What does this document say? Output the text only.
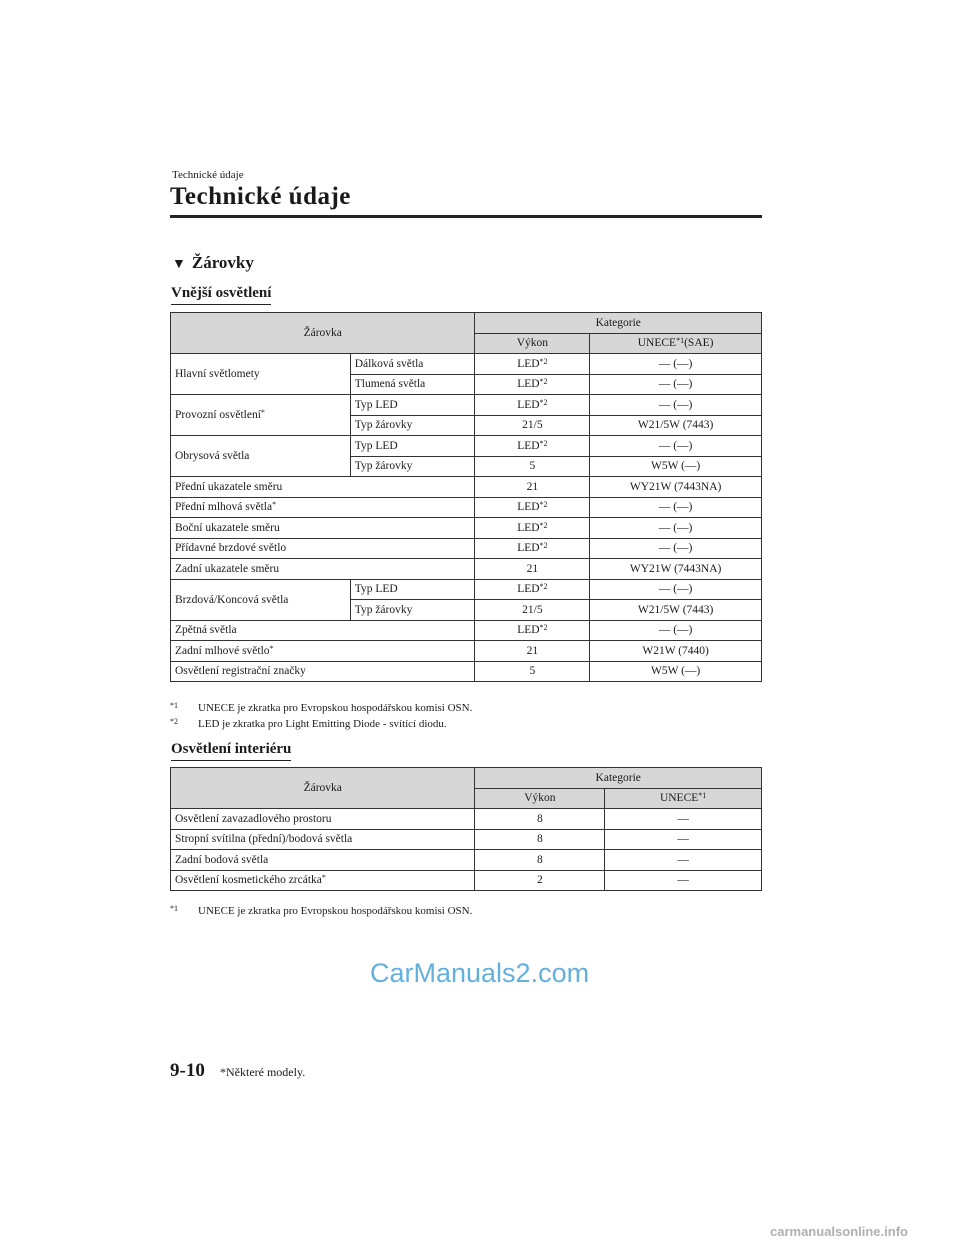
Technické údaje
Technické údaje
▼ Žárovky
Vnější osvětlení
Žárovka		Kategorie	
		Výkon	UNECE$^{*1}$(SAE)
Hlavní světlomety	Dálková světla	LED$^{*2}$	— (—)
	Tlumená světla	LED$^{*2}$	— (—)
Provozní osvětlení*	Typ LED	LED$^{*2}$	— (—)
	Typ žárovky	21/5	W21/5W (7443)
Obrysová světla	Typ LED	LED$^{*2}$	— (—)
	Typ žárovky	5	W5W (—)
Přední ukazatele směru		21	WY21W (7443NA)
Přední mlhová světla*		LED$^{*2}$	— (—)
Boční ukazatele směru		LED$^{*2}$	— (—)
Přídavné brzdové světlo		LED$^{*2}$	— (—)
Zadní ukazatele směru		21	WY21W (7443NA)
Brzdová/Koncová světla	Typ LED	LED$^{*2}$	— (—)
	Typ žárovky	21/5	W21/5W (7443)
Zpětná světla		LED$^{*2}$	— (—)
Zadní mlhové světlo*		21	W21W (7440)
Osvětlení registrační značky		5	W5W (—)
$^{*1}$ UNECE je zkratka pro Evropskou hospodářskou komisi OSN.
$^{*2}$ LED je zkratka pro Light Emitting Diode - svítící diodu.
Osvětlení interiéru
Žárovka	Kategorie	
	Výkon	UNECE$^{*1}$
Osvětlení zavazadlového prostoru	8	—
Stropní svítilna (přední)/bodová světla	8	—
Zadní bodová světla	8	—
Osvětlení kosmetického zrcátka*	2	—
$^{*1}$ UNECE je zkratka pro Evropskou hospodářskou komisi OSN.
CarManuals2.com
9-10 *Některé modely.
carmanualsonline.info
